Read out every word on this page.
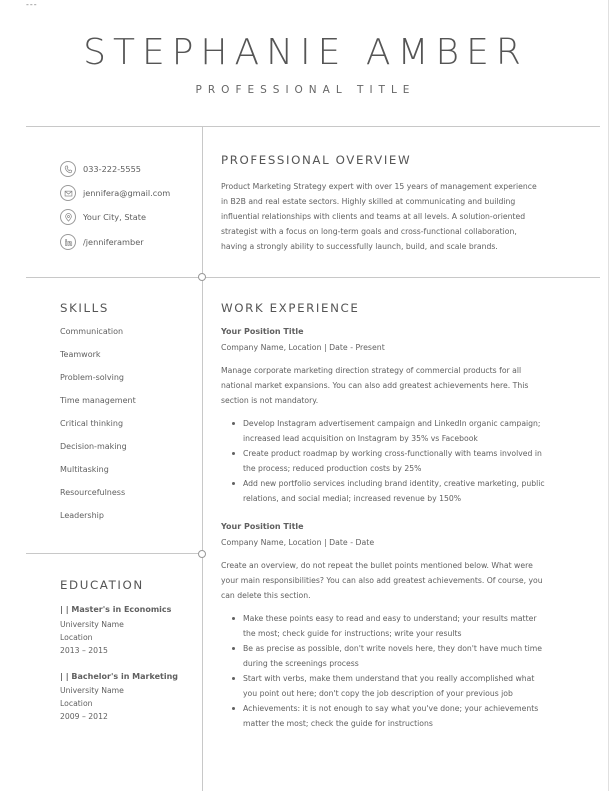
---
STEPHANIE AMBER
PROFESSIONAL TITLE
033-222-5555
jennifera@gmail.com
Your City, State
/jenniferamber
PROFESSIONAL OVERVIEW
Product Marketing Strategy expert with over 15 years of management experience
in B2B and real estate sectors. Highly skilled at communicating and building
influential relationships with clients and teams at all levels. A solution-oriented
strategist with a focus on long-term goals and cross-functional collaboration,
having a strongly ability to successfully launch, build, and scale brands.
SKILLS
Communication
Teamwork
Problem-solving
Time management
Critical thinking
Decision-making
Multitasking
Resourcefulness
Leadership
EDUCATION
| | Master's in Economics
University Name
Location
2013 – 2015
| | Bachelor's in Marketing
University Name
Location
2009 – 2012
WORK EXPERIENCE
Your Position Title
Company Name, Location | Date - Present
Manage corporate marketing direction strategy of commercial products for all
national market expansions. You can also add greatest achievements here. This
section is not mandatory.
Develop Instagram advertisement campaign and LinkedIn organic campaign;
increased lead acquisition on Instagram by 35% vs Facebook
Create product roadmap by working cross-functionally with teams involved in
the process; reduced production costs by 25%
Add new portfolio services including brand identity, creative marketing, public
relations, and social medial; increased revenue by 150%
Your Position Title
Company Name, Location | Date - Date
Create an overview, do not repeat the bullet points mentioned below. What were
your main responsibilities? You can also add greatest achievements. Of course, you
can delete this section.
Make these points easy to read and easy to understand; your results matter
the most; check guide for instructions; write your results
Be as precise as possible, don't write novels here, they don't have much time
during the screenings process
Start with verbs, make them understand that you really accomplished what
you point out here; don't copy the job description of your previous job
Achievements: it is not enough to say what you've done; your achievements
matter the most; check the guide for instructions
